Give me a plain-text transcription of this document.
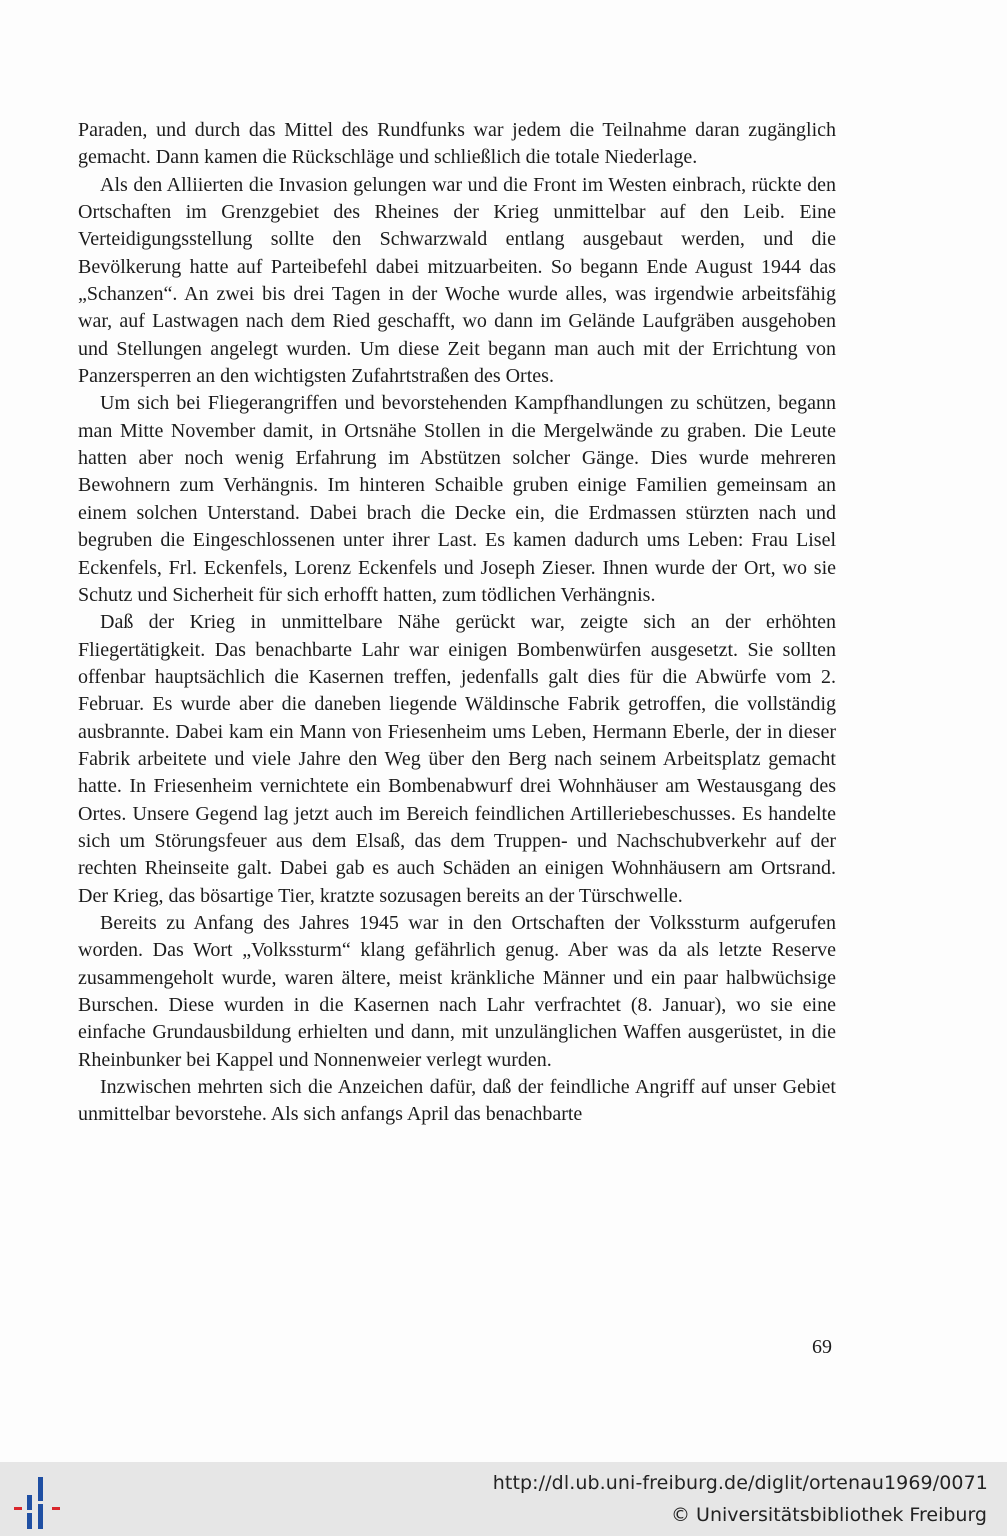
Paraden, und durch das Mittel des Rundfunks war jedem die Teilnahme daran zugänglich gemacht. Dann kamen die Rückschläge und schließlich die totale Niederlage.

Als den Alliierten die Invasion gelungen war und die Front im Westen einbrach, rückte den Ortschaften im Grenzgebiet des Rheines der Krieg unmittelbar auf den Leib. Eine Verteidigungsstellung sollte den Schwarzwald entlang ausgebaut werden, und die Bevölkerung hatte auf Parteibefehl dabei mitzuarbeiten. So begann Ende August 1944 das „Schanzen“. An zwei bis drei Tagen in der Woche wurde alles, was irgendwie arbeitsfähig war, auf Lastwagen nach dem Ried geschafft, wo dann im Gelände Laufgräben ausgehoben und Stellungen angelegt wurden. Um diese Zeit begann man auch mit der Errichtung von Panzersperren an den wichtigsten Zufahrtstraßen des Ortes.

Um sich bei Fliegerangriffen und bevorstehenden Kampfhandlungen zu schützen, begann man Mitte November damit, in Ortsnähe Stollen in die Mergelwände zu graben. Die Leute hatten aber noch wenig Erfahrung im Abstützen solcher Gänge. Dies wurde mehreren Bewohnern zum Verhängnis. Im hinteren Schaible gruben einige Familien gemeinsam an einem solchen Unterstand. Dabei brach die Decke ein, die Erdmassen stürzten nach und begruben die Eingeschlossenen unter ihrer Last. Es kamen dadurch ums Leben: Frau Lisel Eckenfels, Frl. Eckenfels, Lorenz Eckenfels und Joseph Zieser. Ihnen wurde der Ort, wo sie Schutz und Sicherheit für sich erhofft hatten, zum tödlichen Verhängnis.

Daß der Krieg in unmittelbare Nähe gerückt war, zeigte sich an der erhöhten Fliegertätigkeit. Das benachbarte Lahr war einigen Bombenwürfen ausgesetzt. Sie sollten offenbar hauptsächlich die Kasernen treffen, jedenfalls galt dies für die Abwürfe vom 2. Februar. Es wurde aber die daneben liegende Wäldinsche Fabrik getroffen, die vollständig ausbrannte. Dabei kam ein Mann von Friesenheim ums Leben, Hermann Eberle, der in dieser Fabrik arbeitete und viele Jahre den Weg über den Berg nach seinem Arbeitsplatz gemacht hatte. In Friesenheim vernichtete ein Bombenabwurf drei Wohnhäuser am Westausgang des Ortes. Unsere Gegend lag jetzt auch im Bereich feindlichen Artilleriebeschusses. Es handelte sich um Störungsfeuer aus dem Elsaß, das dem Truppen- und Nachschubverkehr auf der rechten Rheinseite galt. Dabei gab es auch Schäden an einigen Wohnhäusern am Ortsrand. Der Krieg, das bösartige Tier, kratzte sozusagen bereits an der Türschwelle.

Bereits zu Anfang des Jahres 1945 war in den Ortschaften der Volkssturm aufgerufen worden. Das Wort „Volkssturm“ klang gefährlich genug. Aber was da als letzte Reserve zusammengeholt wurde, waren ältere, meist kränkliche Männer und ein paar halbwüchsige Burschen. Diese wurden in die Kasernen nach Lahr verfrachtet (8. Januar), wo sie eine einfache Grundausbildung erhielten und dann, mit unzulänglichen Waffen ausgerüstet, in die Rheinbunker bei Kappel und Nonnenweier verlegt wurden.

Inzwischen mehrten sich die Anzeichen dafür, daß der feindliche Angriff auf unser Gebiet unmittelbar bevorstehe. Als sich anfangs April das benachbarte

69
http://dl.ub.uni-freiburg.de/diglit/ortenau1969/0071
© Universitätsbibliothek Freiburg
